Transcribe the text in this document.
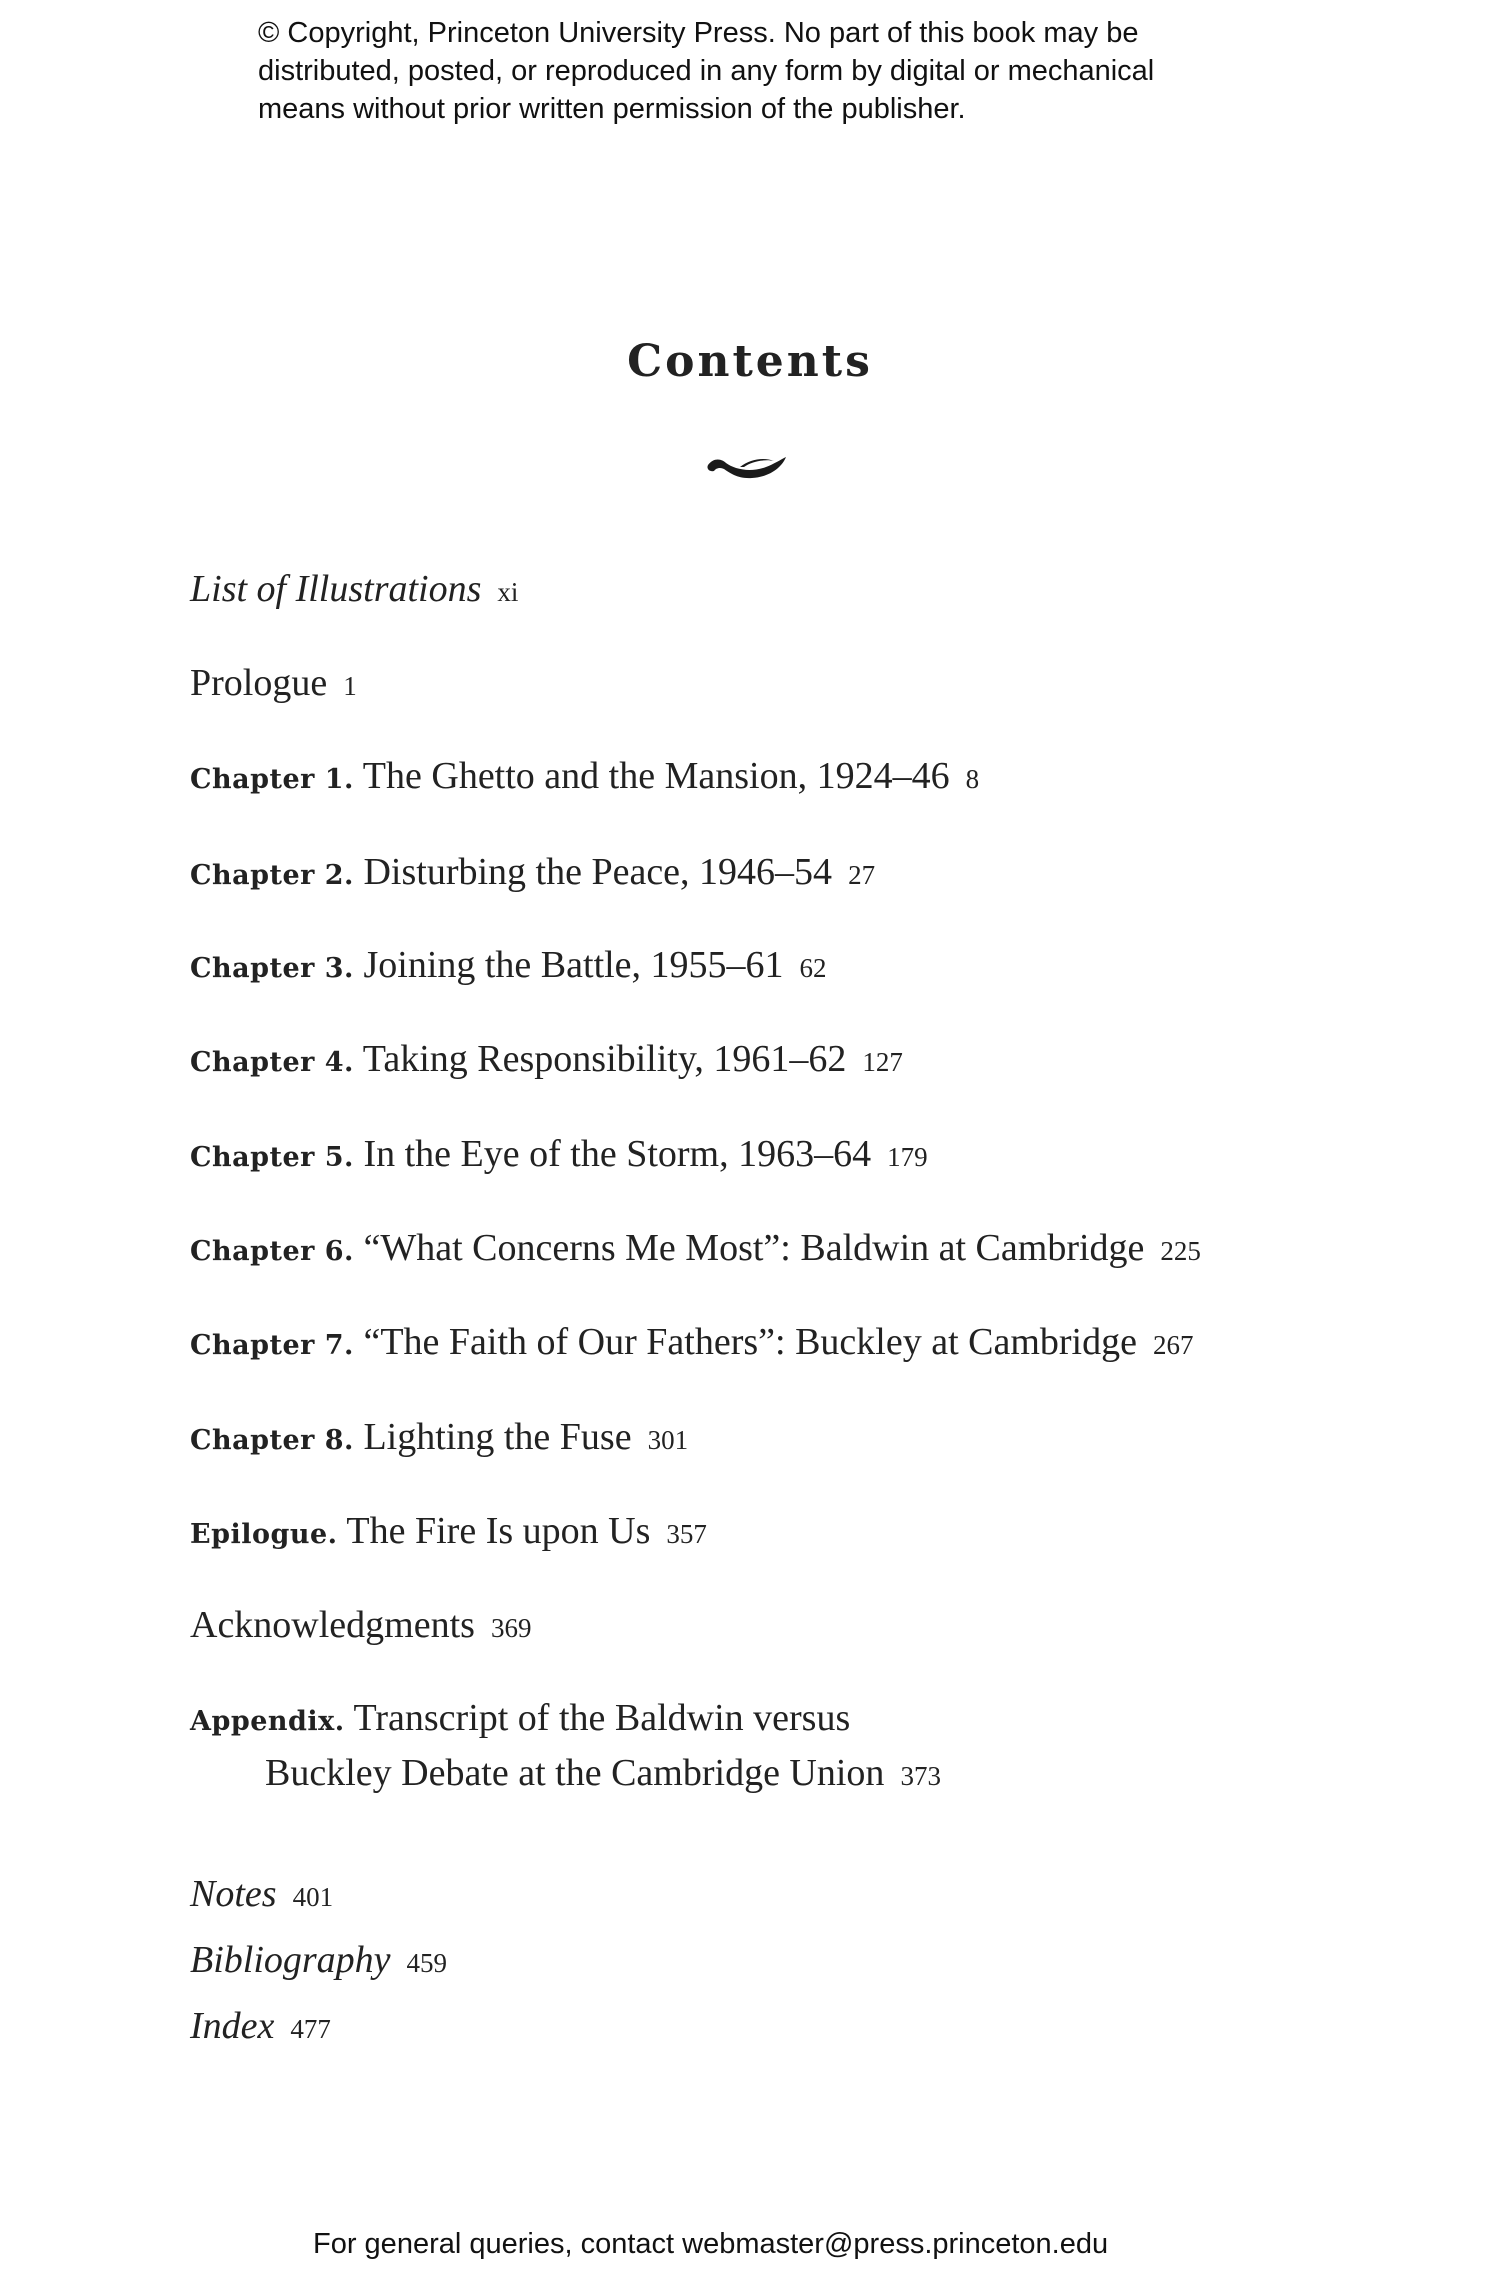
© Copyright, Princeton University Press. No part of this book may be
distributed, posted, or reproduced in any form by digital or mechanical
means without prior written permission of the publisher.
Contents
List of Illustrations xi
Prologue 1
Chapter 1. The Ghetto and the Mansion, 1924–46 8
Chapter 2. Disturbing the Peace, 1946–54 27
Chapter 3. Joining the Battle, 1955–61 62
Chapter 4. Taking Responsibility, 1961–62 127
Chapter 5. In the Eye of the Storm, 1963–64 179
Chapter 6. “What Concerns Me Most”: Baldwin at Cambridge 225
Chapter 7. “The Faith of Our Fathers”: Buckley at Cambridge 267
Chapter 8. Lighting the Fuse 301
Epilogue. The Fire Is upon Us 357
Acknowledgments 369
Appendix. Transcript of the Baldwin versus
Buckley Debate at the Cambridge Union 373
Notes 401
Bibliography 459
Index 477
For general queries, contact webmaster@press.princeton.edu
